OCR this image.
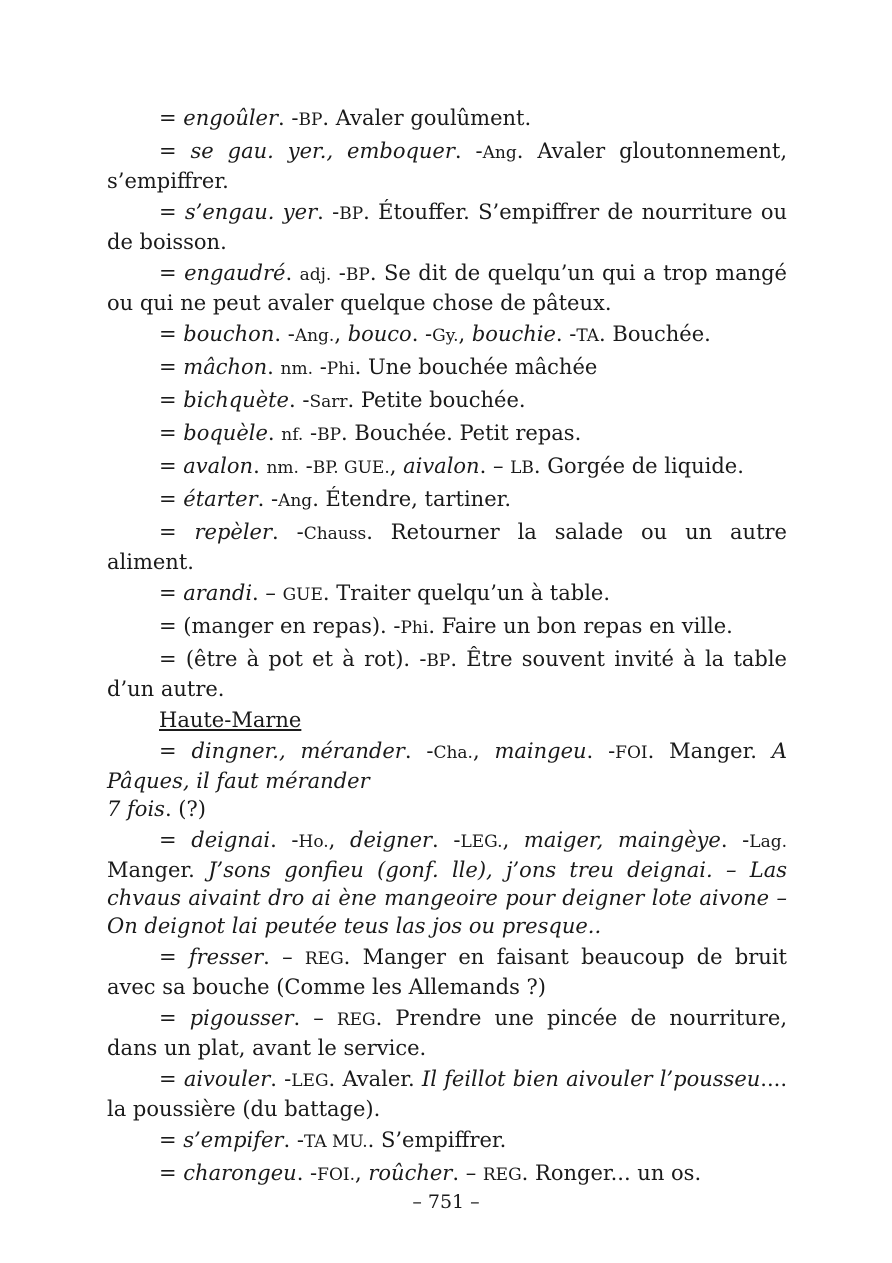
= engoûler. -BP. Avaler goulûment.

= se gau. yer., emboquer. -Ang. Avaler gloutonnement, s’empiffrer.

= s’engau. yer. -BP. Étouffer. S’empiffrer de nourriture ou de boisson.

= engaudré. adj. -BP. Se dit de quelqu’un qui a trop mangé ou qui ne peut avaler quelque chose de pâteux.

= bouchon. -Ang., bouco. -Gy., bouchie. -TA. Bouchée.

= mâchon. nm. -Phi. Une bouchée mâchée

= bichquète. -Sarr. Petite bouchée.

= boquèle. nf. -BP. Bouchée. Petit repas.

= avalon. nm. -BP. GUE., aivalon. – LB. Gorgée de liquide.

= étarter. -Ang. Étendre, tartiner.

= repèler. -Chauss. Retourner la salade ou un autre aliment.

= arandi. – GUE. Traiter quelqu’un à table.

= (manger en repas). -Phi. Faire un bon repas en ville.

= (être à pot et à rot). -BP. Être souvent invité à la table d’un autre.

Haute-Marne

= dingner., mérander. -Cha., maingeu. -FOI. Manger. A Pâques, il faut mérander
7 fois. (?)

= deignai. -Ho., deigner. -LEG., maiger, maingèye. -Lag. Manger. J’sons gonfieu (gonf. lle), j’ons treu deignai. – Las chvaus aivaint dro ai ène mangeoire pour deigner lote aivone – On deignot lai peutée teus las jos ou presque..

= fresser. – REG. Manger en faisant beaucoup de bruit avec sa bouche (Comme les Allemands ?)

= pigousser. – REG. Prendre une pincée de nourriture, dans un plat, avant le service.

= aivouler. -LEG. Avaler. Il feillot bien aivouler l’pousseu.... la poussière (du battage).

= s’empifer. -TA MU.. S’empiffrer.

= charongeu. -FOI., roûcher. – REG. Ronger... un os.

– 751 –
